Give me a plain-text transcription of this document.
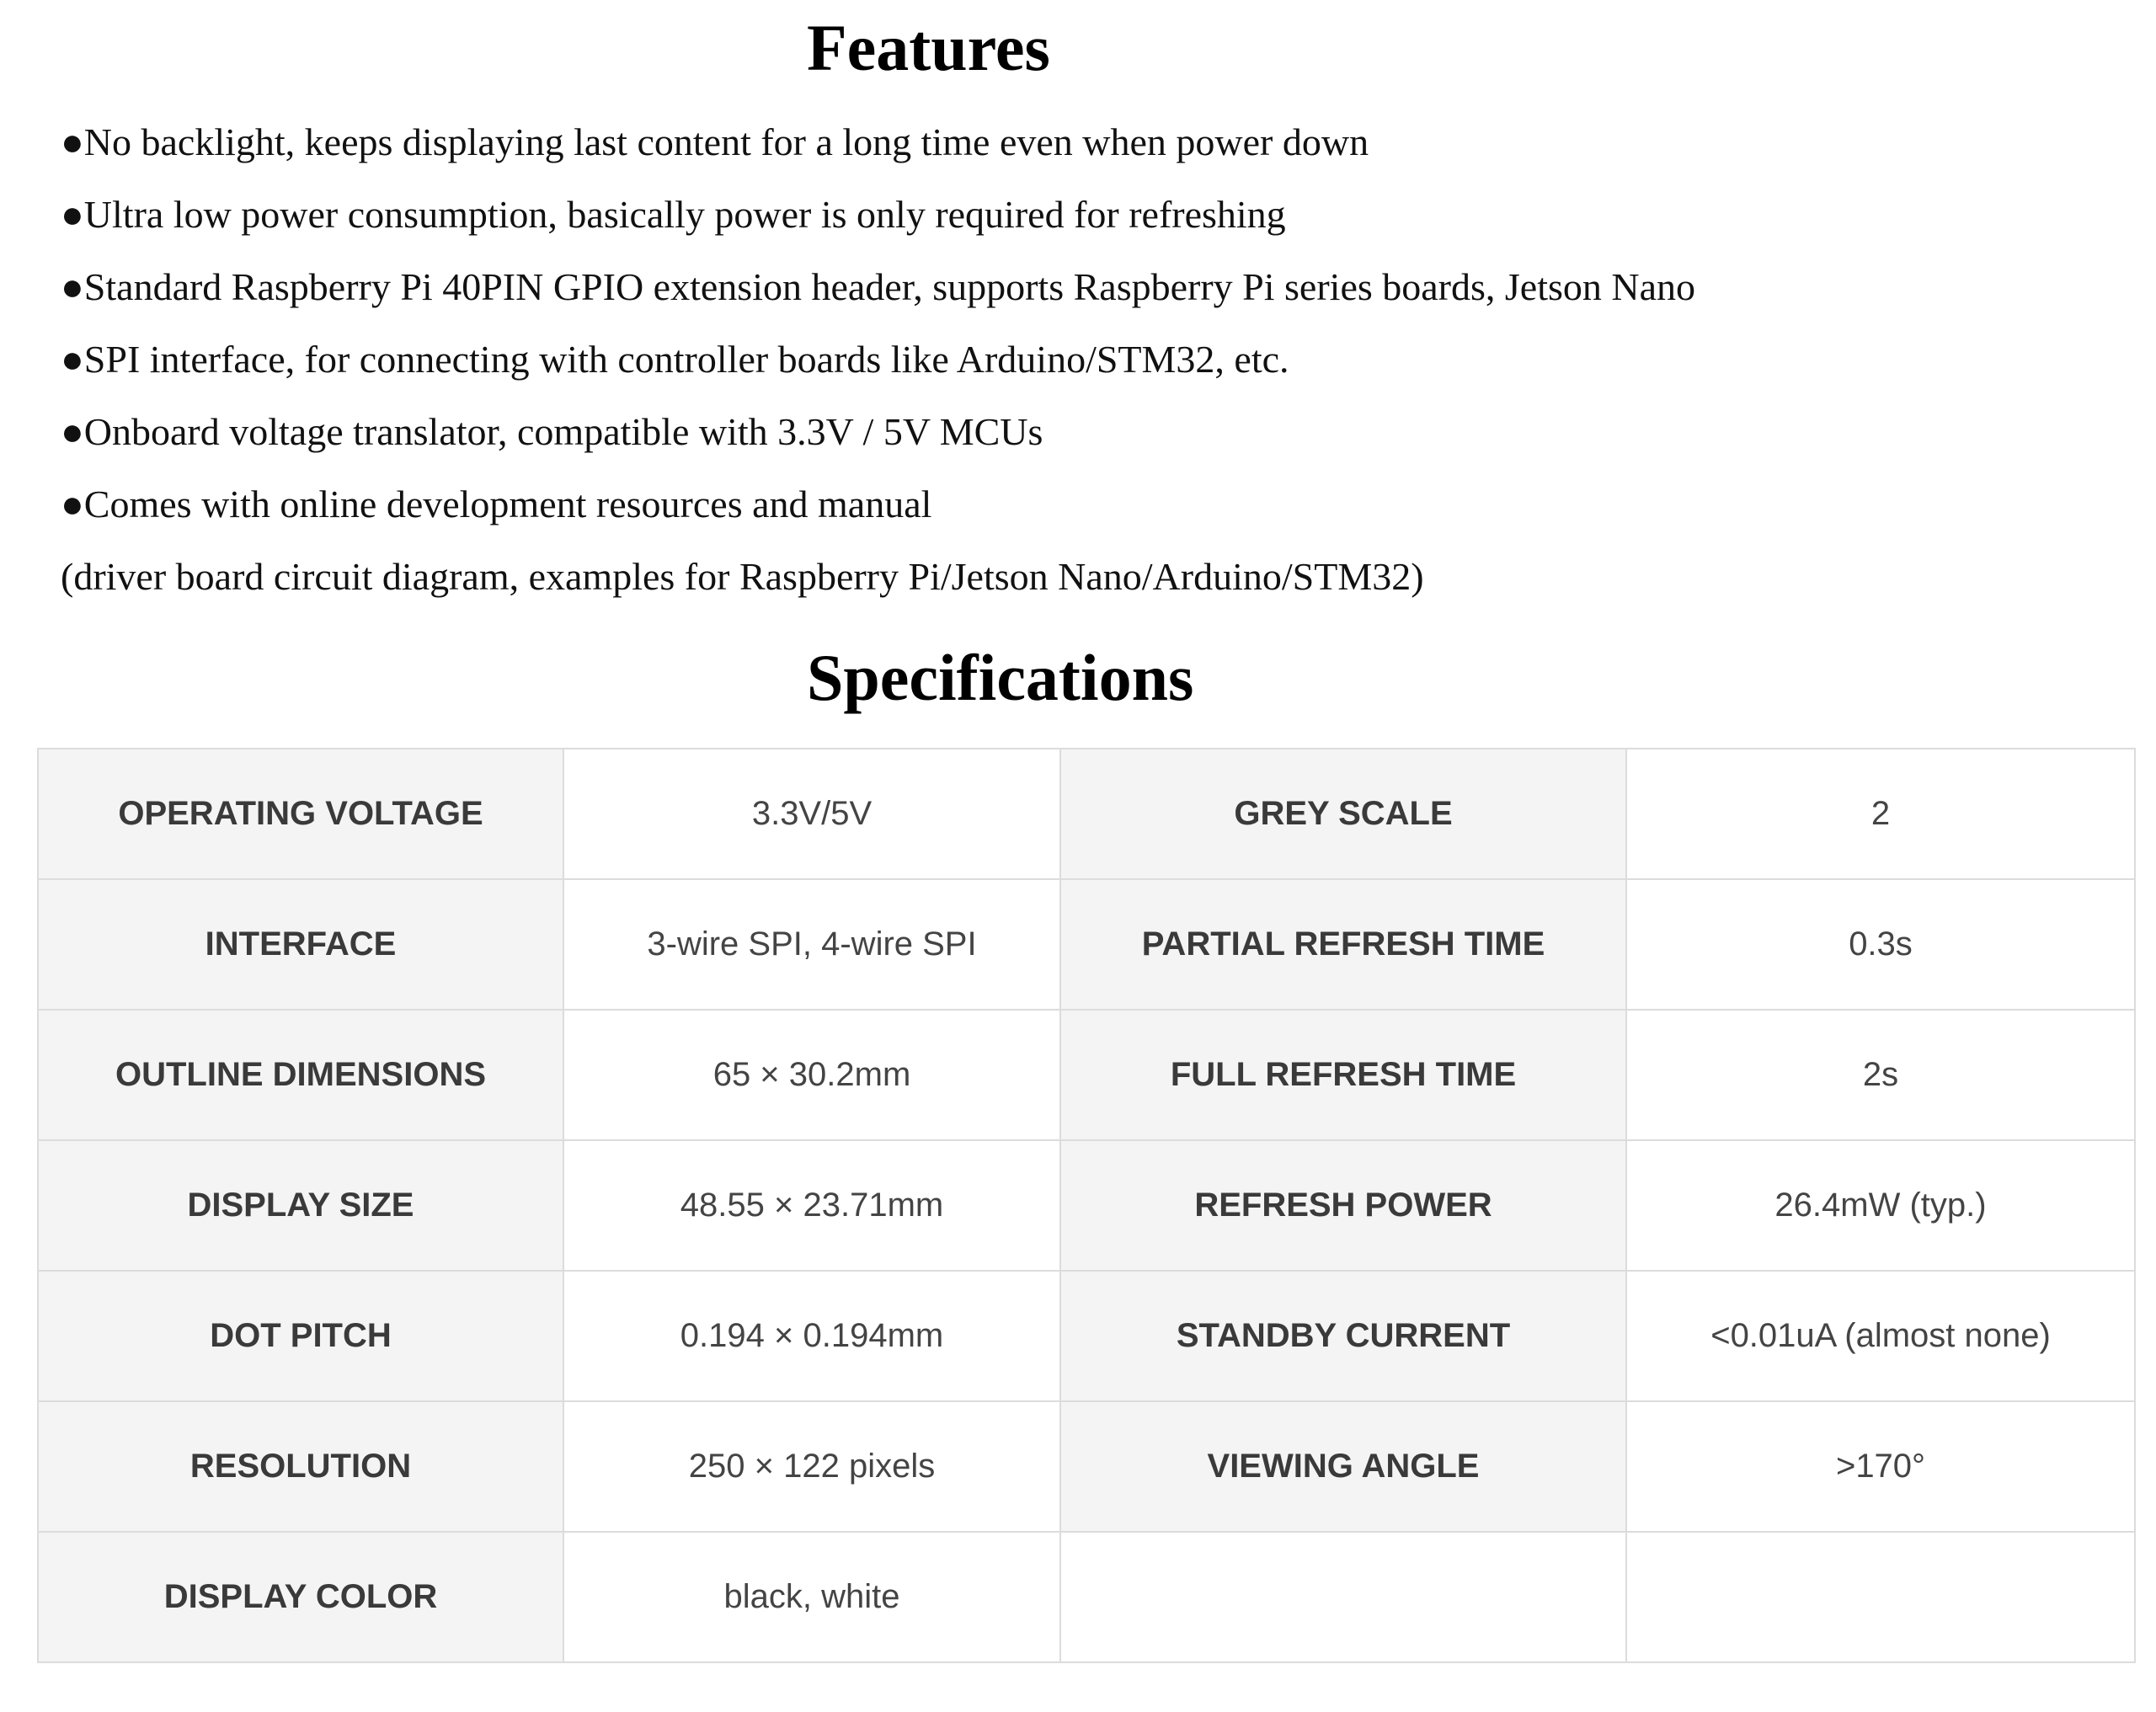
Features
●No backlight, keeps displaying last content for a long time even when power down
●Ultra low power consumption, basically power is only required for refreshing
●Standard Raspberry Pi 40PIN GPIO extension header, supports Raspberry Pi series boards, Jetson Nano
●SPI interface, for connecting with controller boards like Arduino/STM32, etc.
●Onboard voltage translator, compatible with 3.3V / 5V MCUs
●Comes with online development resources and manual
(driver board circuit diagram, examples for Raspberry Pi/Jetson Nano/Arduino/STM32)
Specifications
OPERATING VOLTAGE	3.3V/5V	GREY SCALE	2
INTERFACE	3-wire SPI, 4-wire SPI	PARTIAL REFRESH TIME	0.3s
OUTLINE DIMENSIONS	65 × 30.2mm	FULL REFRESH TIME	2s
DISPLAY SIZE	48.55 × 23.71mm	REFRESH POWER	26.4mW (typ.)
DOT PITCH	0.194 × 0.194mm	STANDBY CURRENT	<0.01uA (almost none)
RESOLUTION	250 × 122 pixels	VIEWING ANGLE	>170°
DISPLAY COLOR	black, white		
